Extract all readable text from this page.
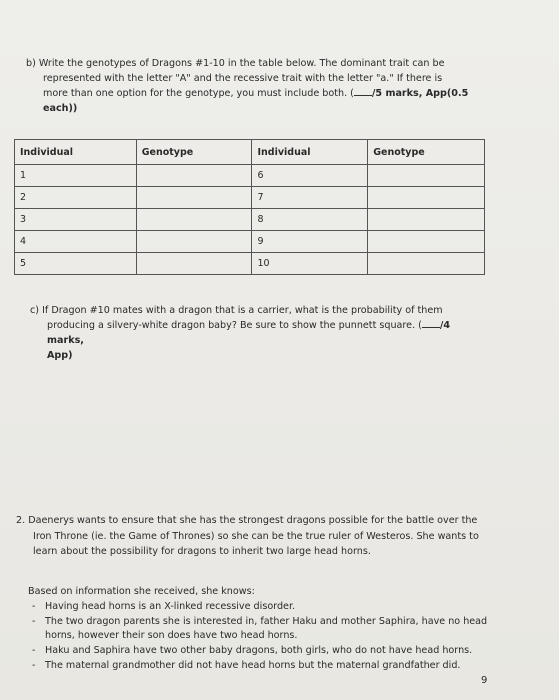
b) Write the genotypes of Dragons #1-10 in the table below. The dominant trait can be
represented with the letter "A" and the recessive trait with the letter "a." If there is
more than one option for the genotype, you must include both. ( /5 marks, App(0.5
each))
Individual	Genotype	Individual	Genotype
1		6	
2		7	
3		8	
4		9	
5		10	
c) If Dragon #10 mates with a dragon that is a carrier, what is the probability of them
producing a silvery-white dragon baby? Be sure to show the punnett square. ( /4 marks,
App)
2. Daenerys wants to ensure that she has the strongest dragons possible for the battle over the
Iron Throne (ie. the Game of Thrones) so she can be the true ruler of Westeros. She wants to
learn about the possibility for dragons to inherit two large head horns.
Based on information she received, she knows:
- Having head horns is an X-linked recessive disorder.
- The two dragon parents she is interested in, father Haku and mother Saphira, have no head horns, however their son does have two head horns.
- Haku and Saphira have two other baby dragons, both girls, who do not have head horns.
- The maternal grandmother did not have head horns but the maternal grandfather did.
9
